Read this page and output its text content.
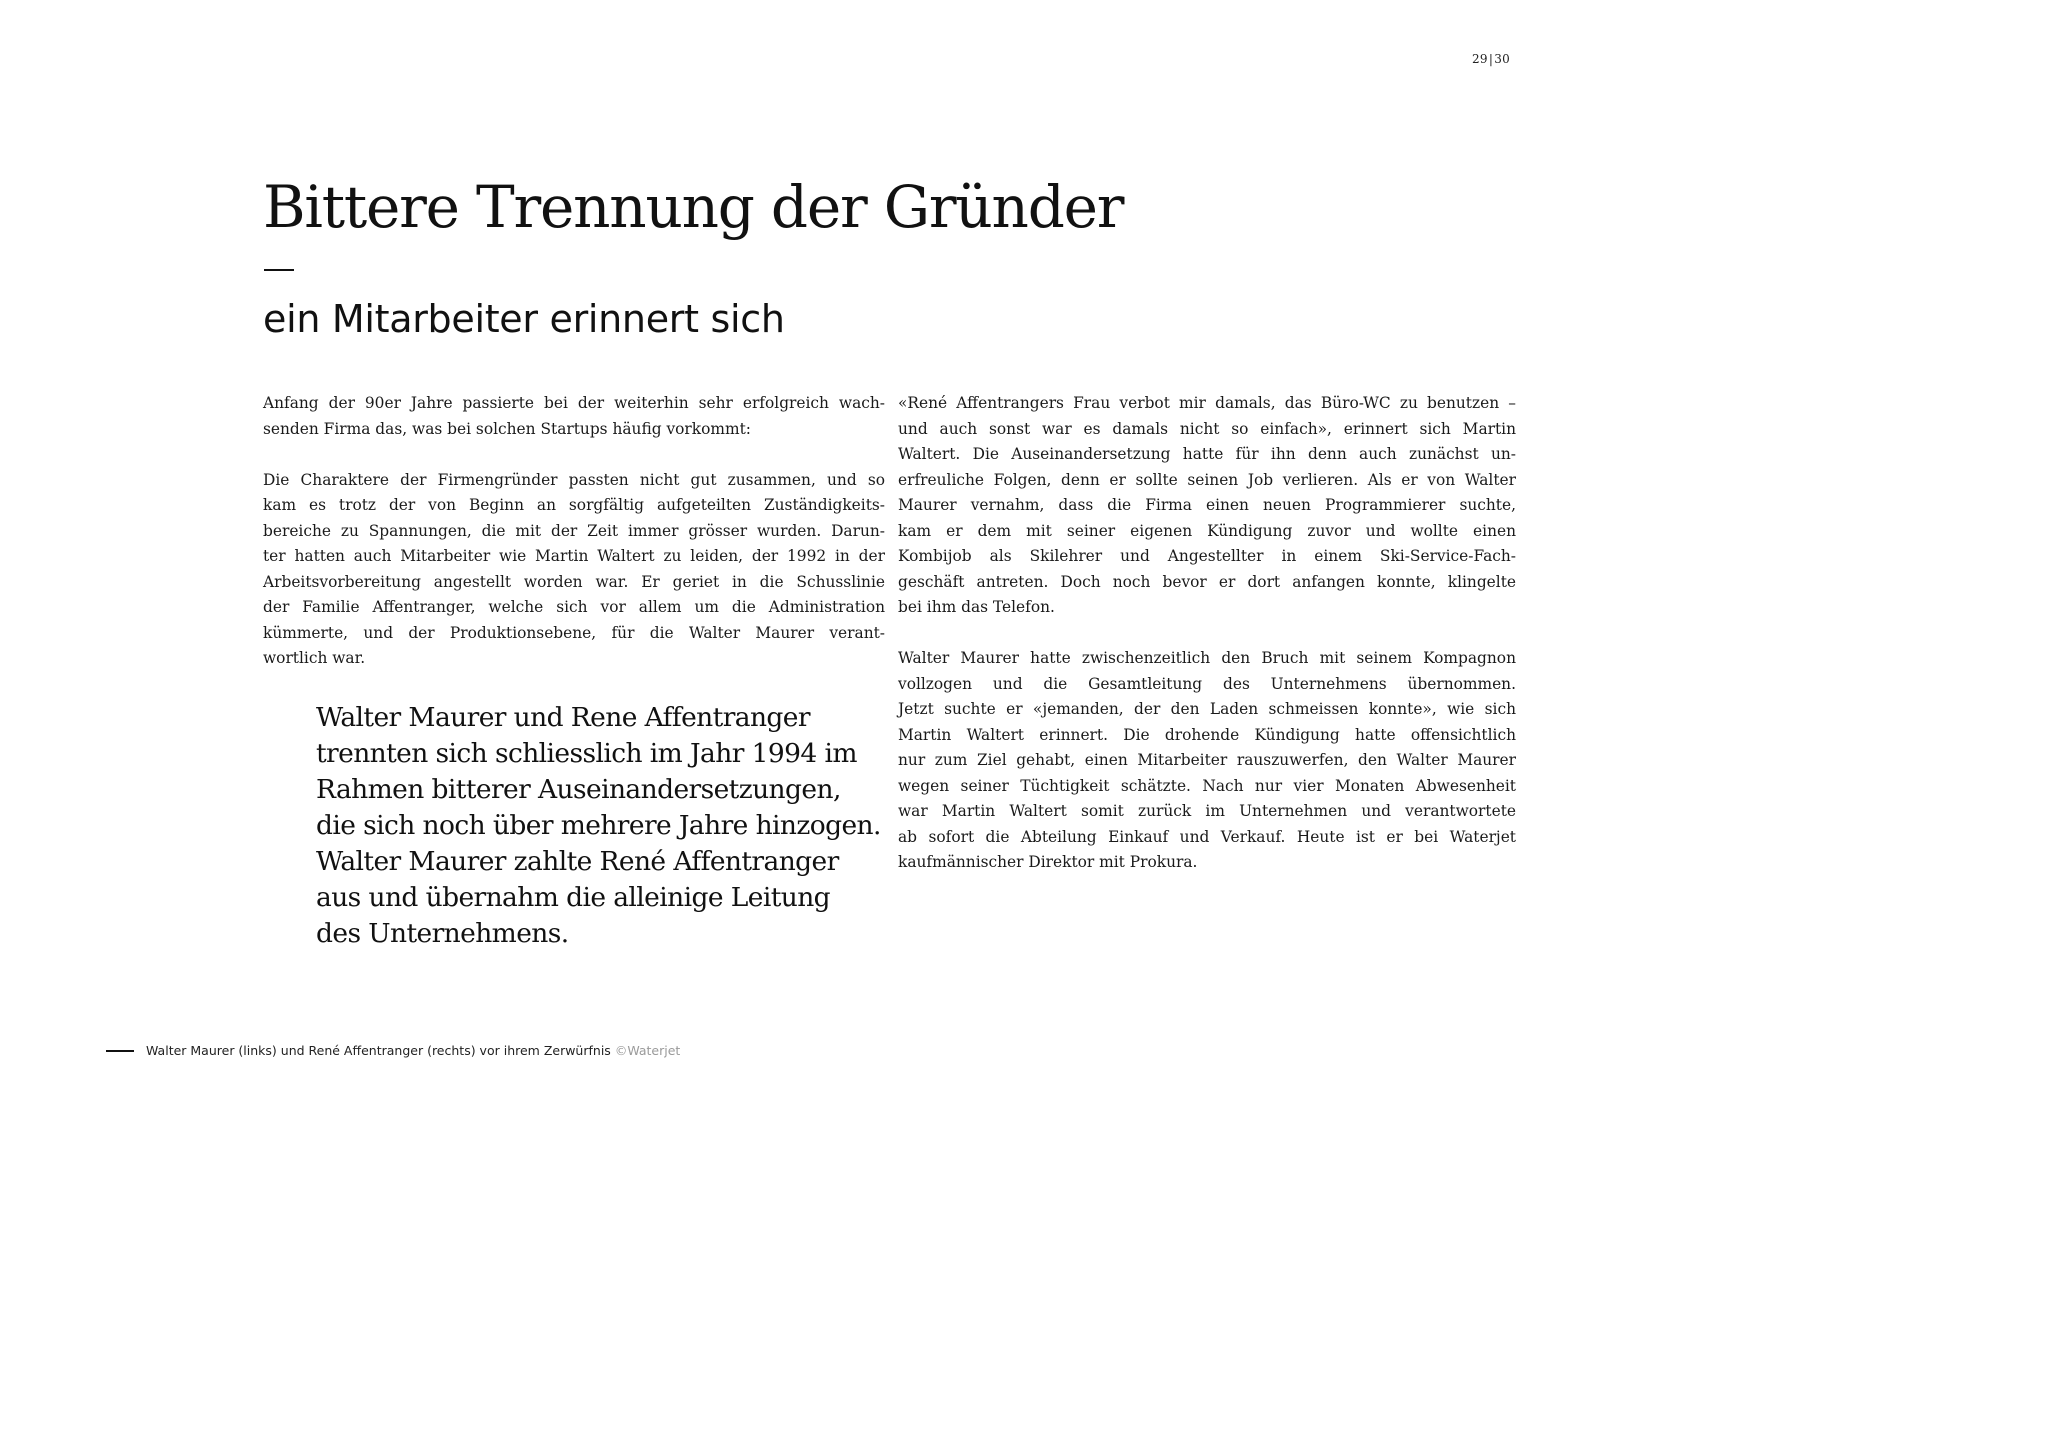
29|30
Bittere Trennung der Gründer
ein Mitarbeiter erinnert sich

Anfang der 90er Jahre passierte bei der weiterhin sehr erfolgreich wach-
senden Firma das, was bei solchen Startups häufig vorkommt:

Die Charaktere der Firmengründer passten nicht gut zusammen, und so
kam es trotz der von Beginn an sorgfältig aufgeteilten Zuständigkeits-
bereiche zu Spannungen, die mit der Zeit immer grösser wurden. Darun-
ter hatten auch Mitarbeiter wie Martin Waltert zu leiden, der 1992 in der
Arbeitsvorbereitung angestellt worden war. Er geriet in die Schusslinie
der Familie Affentranger, welche sich vor allem um die Administration
kümmerte, und der Produktionsebene, für die Walter Maurer verant-
wortlich war.

Walter Maurer und Rene Affentranger
trennten sich schliesslich im Jahr 1994 im
Rahmen bitterer Auseinandersetzungen,
die sich noch über mehrere Jahre hinzogen.
Walter Maurer zahlte René Affentranger
aus und übernahm die alleinige Leitung
des Unternehmens.

«René Affentrangers Frau verbot mir damals, das Büro-WC zu benutzen –
und auch sonst war es damals nicht so einfach», erinnert sich Martin
Waltert. Die Auseinandersetzung hatte für ihn denn auch zunächst un-
erfreuliche Folgen, denn er sollte seinen Job verlieren. Als er von Walter
Maurer vernahm, dass die Firma einen neuen Programmierer suchte,
kam er dem mit seiner eigenen Kündigung zuvor und wollte einen
Kombijob als Skilehrer und Angestellter in einem Ski-Service-Fach-
geschäft antreten. Doch noch bevor er dort anfangen konnte, klingelte
bei ihm das Telefon.

Walter Maurer hatte zwischenzeitlich den Bruch mit seinem Kompagnon
vollzogen und die Gesamtleitung des Unternehmens übernommen.
Jetzt suchte er «jemanden, der den Laden schmeissen konnte», wie sich
Martin Waltert erinnert. Die drohende Kündigung hatte offensichtlich
nur zum Ziel gehabt, einen Mitarbeiter rauszuwerfen, den Walter Maurer
wegen seiner Tüchtigkeit schätzte. Nach nur vier Monaten Abwesenheit
war Martin Waltert somit zurück im Unternehmen und verantwortete
ab sofort die Abteilung Einkauf und Verkauf. Heute ist er bei Waterjet
kaufmännischer Direktor mit Prokura.

Walter Maurer (links) und René Affentranger (rechts) vor ihrem Zerwürfnis ©Waterjet
